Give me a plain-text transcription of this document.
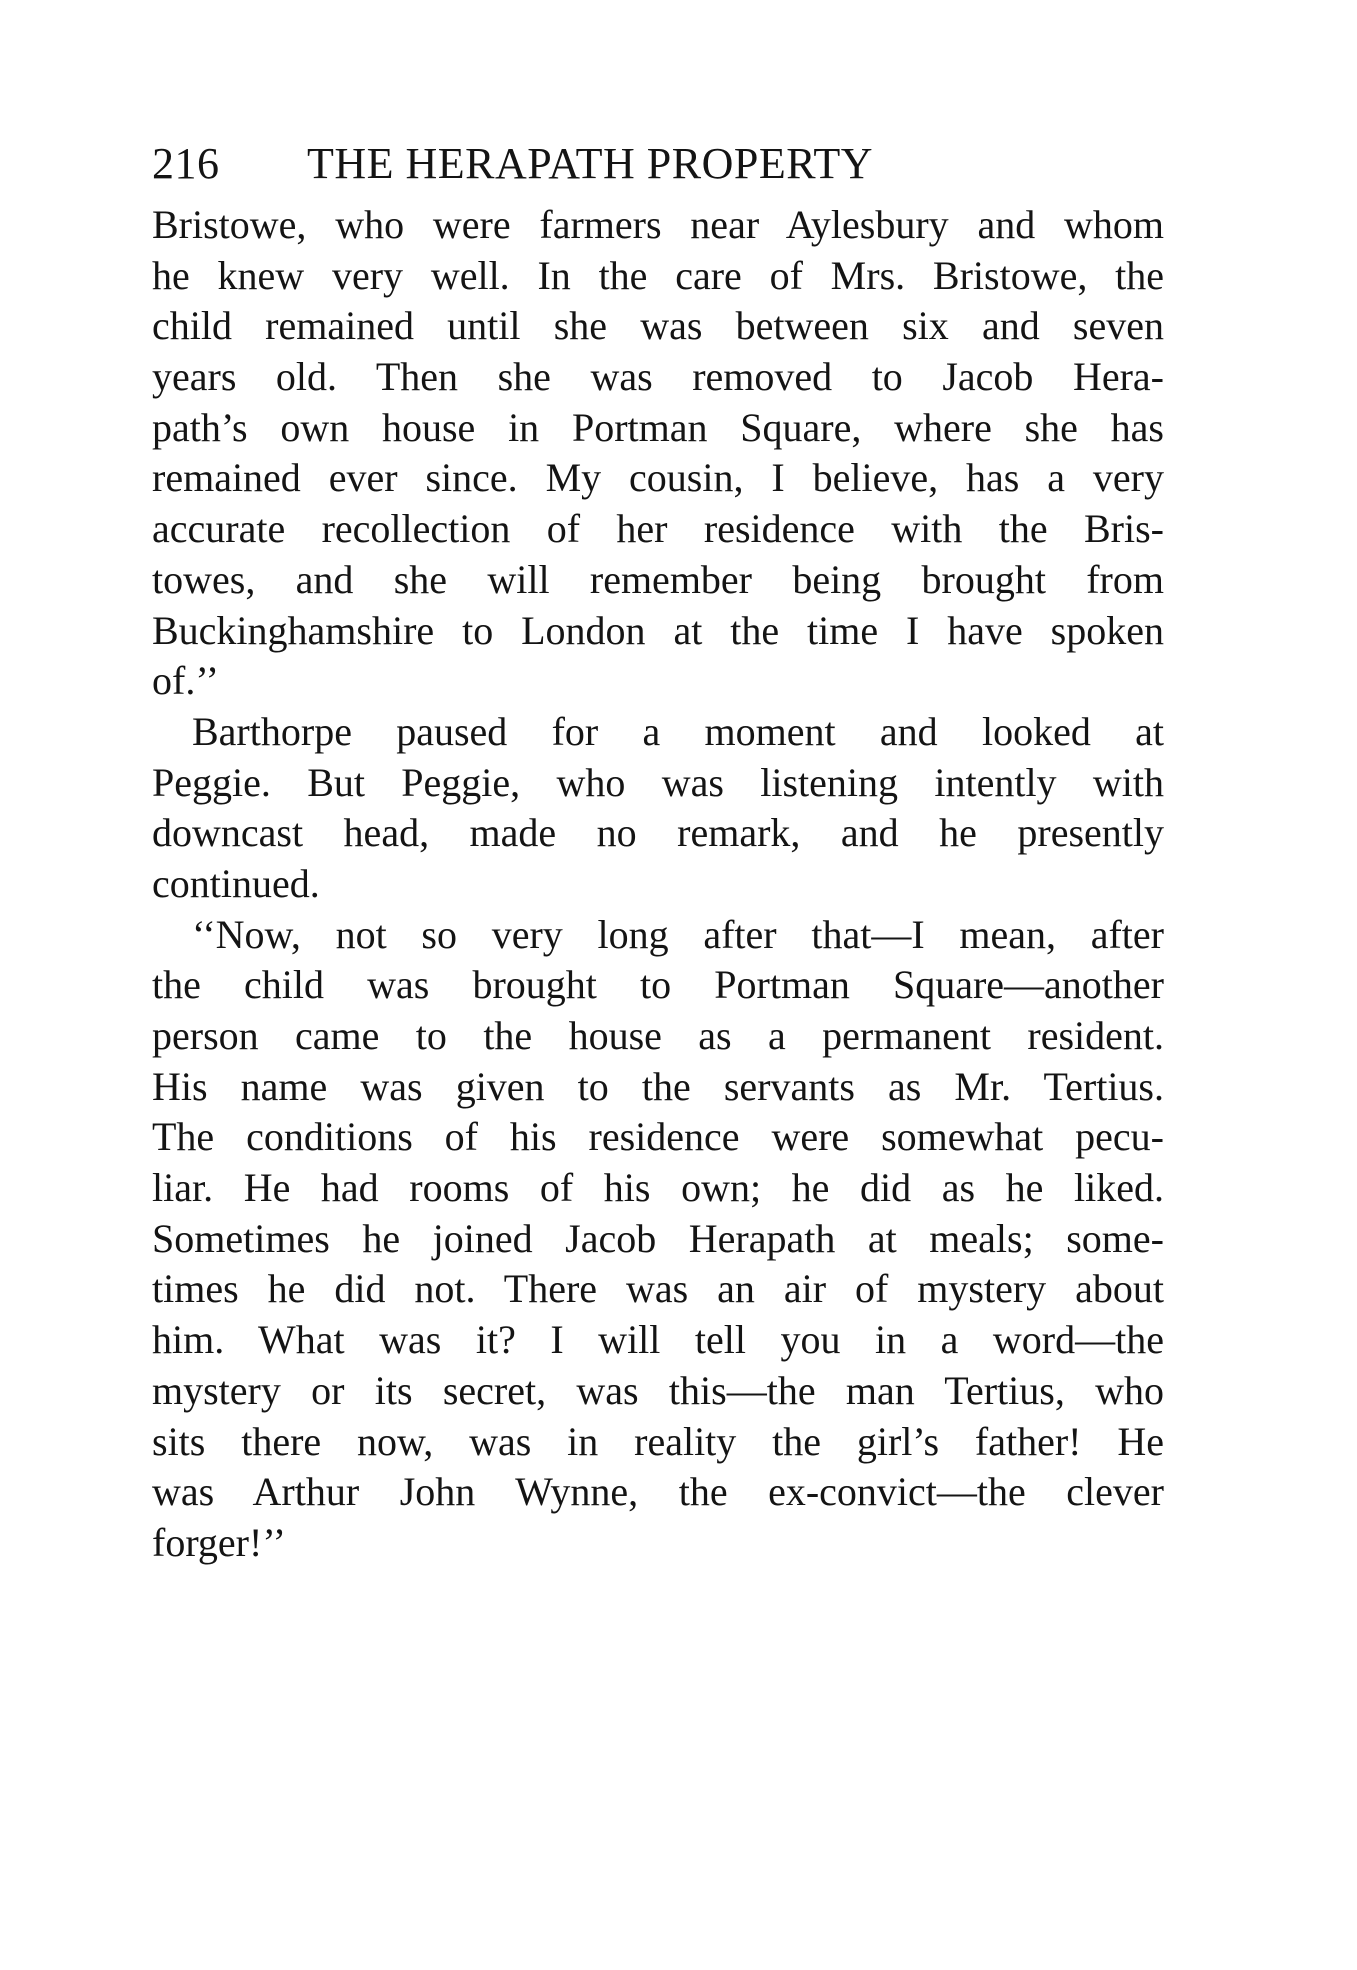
216 THE HERAPATH PROPERTY
Bristowe, who were farmers near Aylesbury and whom
he knew very well. In the care of Mrs. Bristowe, the
child remained until she was between six and seven
years old. Then she was removed to Jacob Hera-
path’s own house in Portman Square, where she has
remained ever since. My cousin, I believe, has a very
accurate recollection of her residence with the Bris-
towes, and she will remember being brought from
Buckinghamshire to London at the time I have spoken
of.’’
Barthorpe paused for a moment and looked at
Peggie. But Peggie, who was listening intently with
downcast head, made no remark, and he presently
continued.
‘‘Now, not so very long after that—I mean, after
the child was brought to Portman Square—another
person came to the house as a permanent resident.
His name was given to the servants as Mr. Tertius.
The conditions of his residence were somewhat pecu-
liar. He had rooms of his own; he did as he liked.
Sometimes he joined Jacob Herapath at meals; some-
times he did not. There was an air of mystery about
him. What was it? I will tell you in a word—the
mystery or its secret, was this—the man Tertius, who
sits there now, was in reality the girl’s father! He
was Arthur John Wynne, the ex-convict—the clever
forger!’’
